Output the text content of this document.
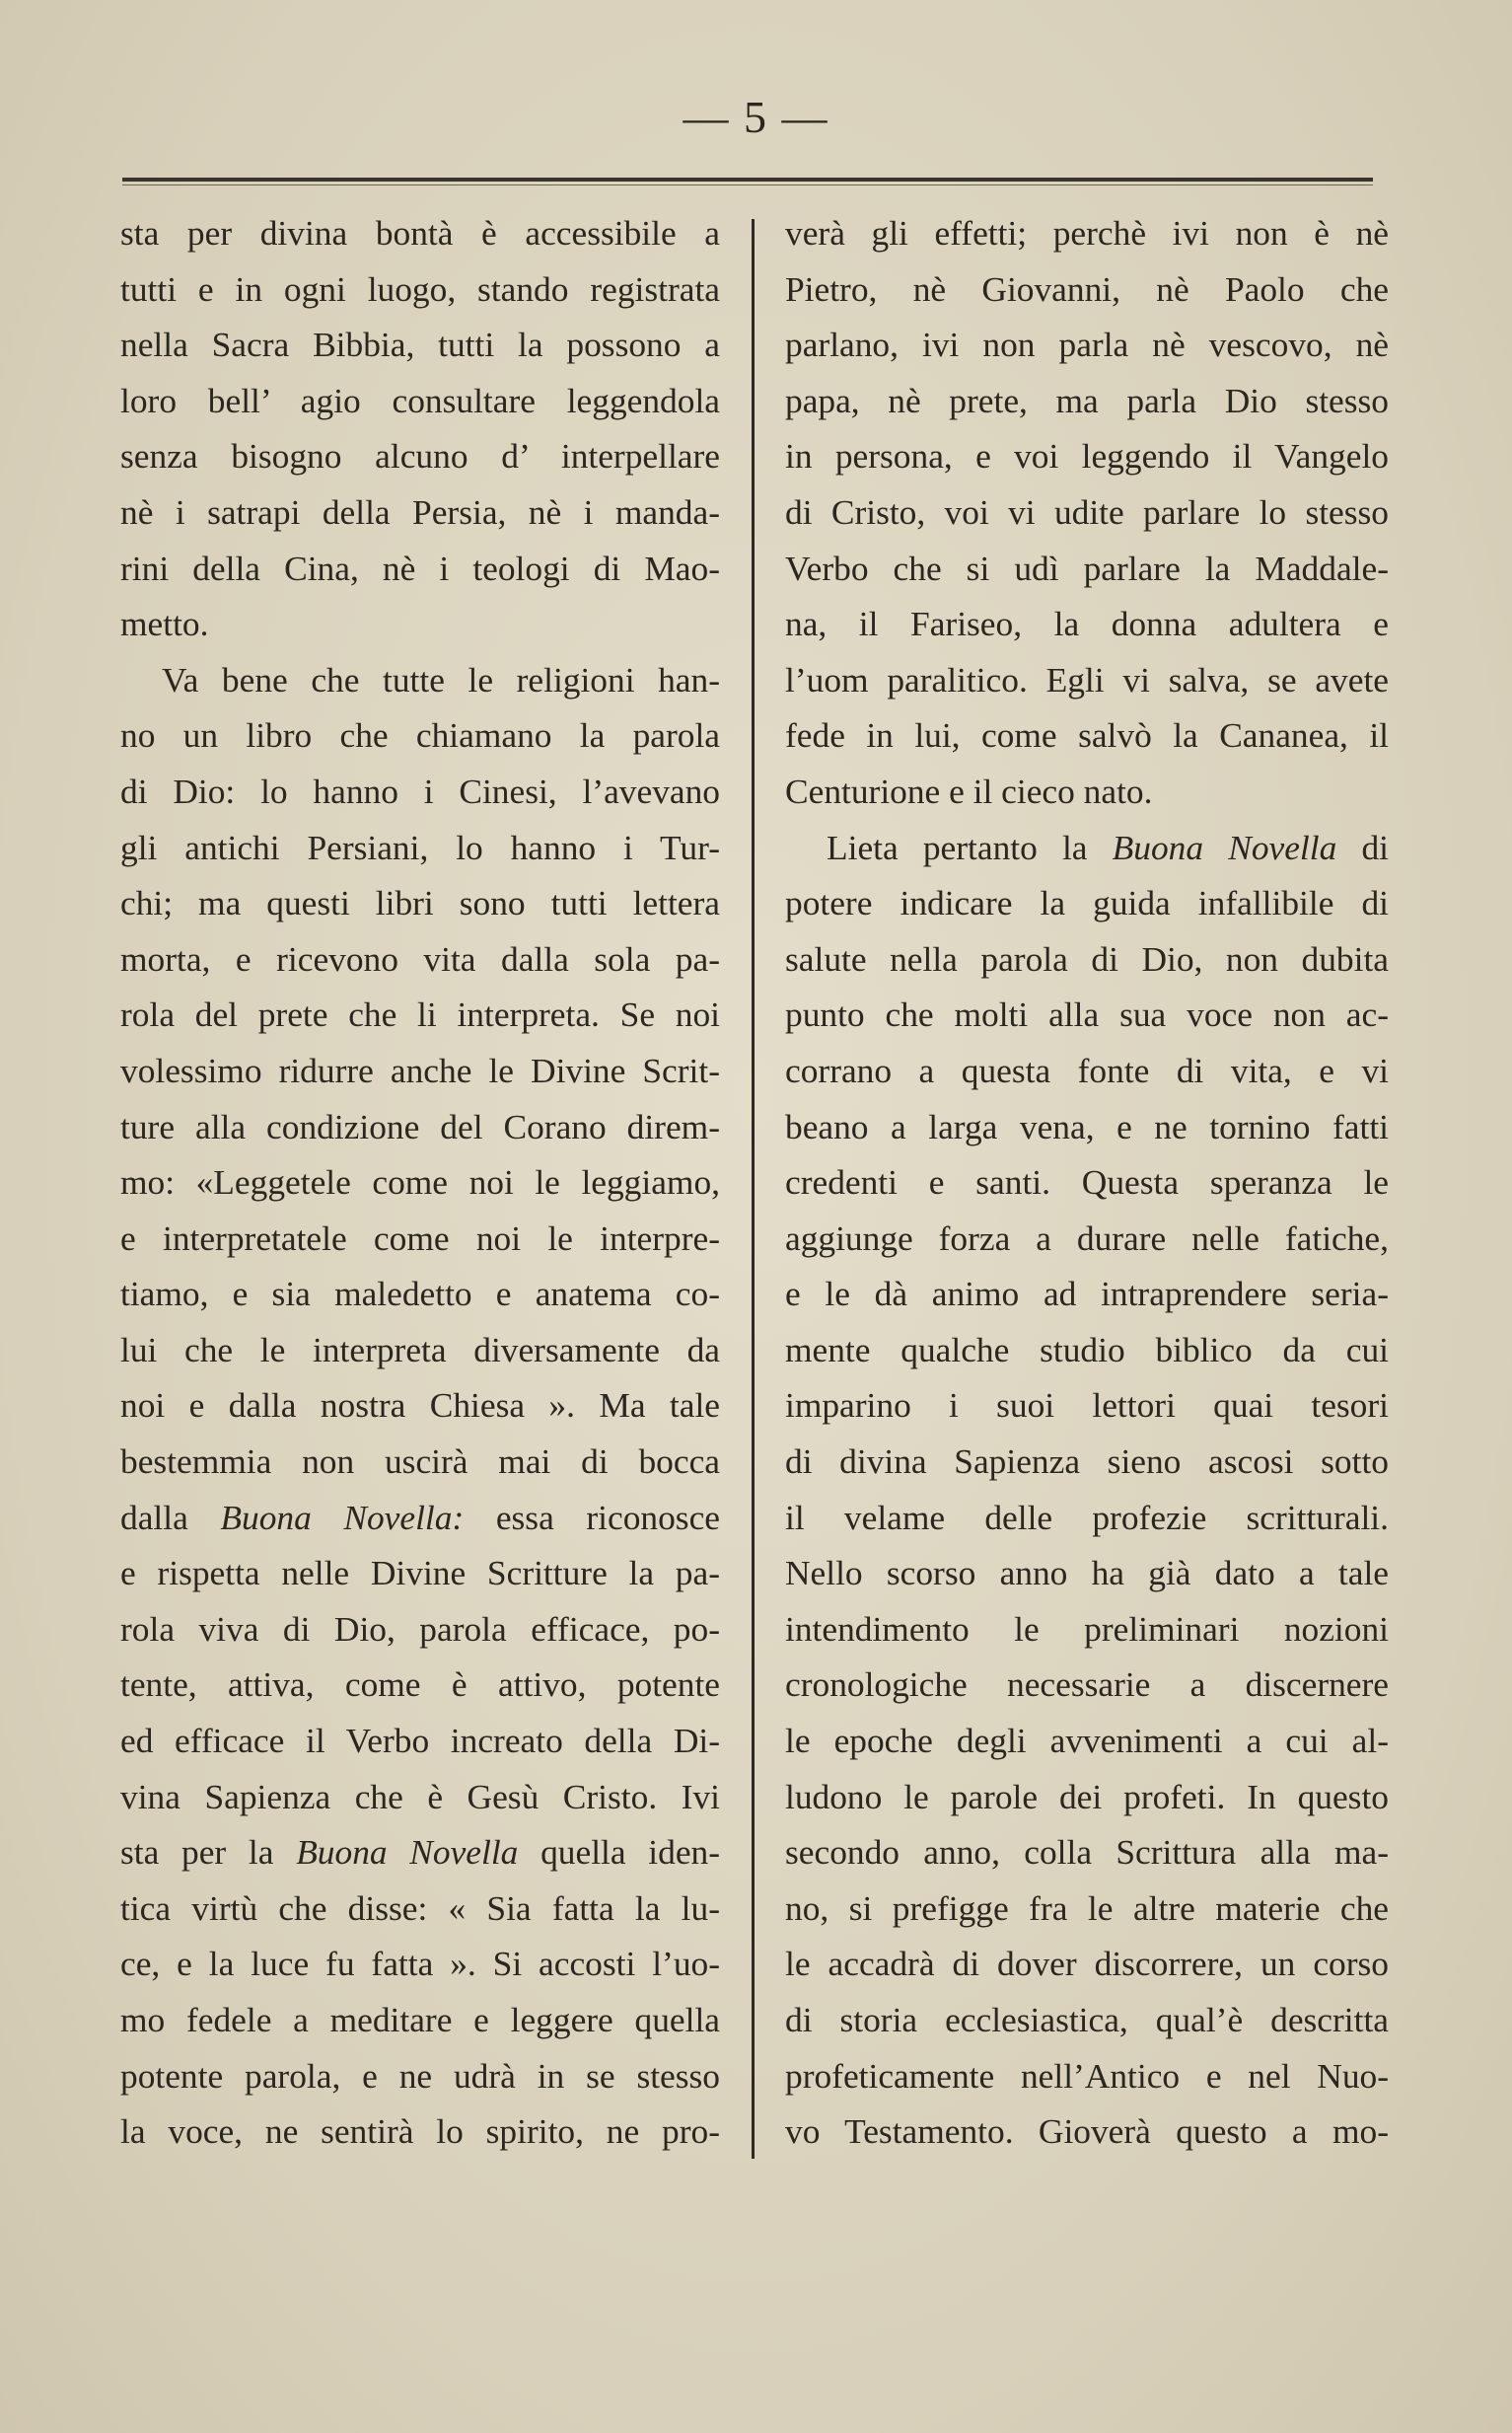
— 5 —
sta per divina bontà è accessibile a
tutti e in ogni luogo, stando registrata
nella Sacra Bibbia, tutti la possono a
loro bell’ agio consultare leggendola
senza bisogno alcuno d’ interpellare
nè i satrapi della Persia, nè i manda-
rini della Cina, nè i teologi di Mao-
metto.
Va bene che tutte le religioni han-
no un libro che chiamano la parola
di Dio: lo hanno i Cinesi, l’avevano
gli antichi Persiani, lo hanno i Tur-
chi; ma questi libri sono tutti lettera
morta, e ricevono vita dalla sola pa-
rola del prete che li interpreta. Se noi
volessimo ridurre anche le Divine Scrit-
ture alla condizione del Corano direm-
mo: «Leggetele come noi le leggiamo,
e interpretatele come noi le interpre-
tiamo, e sia maledetto e anatema co-
lui che le interpreta diversamente da
noi e dalla nostra Chiesa ». Ma tale
bestemmia non uscirà mai di bocca
dalla Buona Novella: essa riconosce
e rispetta nelle Divine Scritture la pa-
rola viva di Dio, parola efficace, po-
tente, attiva, come è attivo, potente
ed efficace il Verbo increato della Di-
vina Sapienza che è Gesù Cristo. Ivi
sta per la Buona Novella quella iden-
tica virtù che disse: « Sia fatta la lu-
ce, e la luce fu fatta ». Si accosti l’uo-
mo fedele a meditare e leggere quella
potente parola, e ne udrà in se stesso
la voce, ne sentirà lo spirito, ne pro-
verà gli effetti; perchè ivi non è nè
Pietro, nè Giovanni, nè Paolo che
parlano, ivi non parla nè vescovo, nè
papa, nè prete, ma parla Dio stesso
in persona, e voi leggendo il Vangelo
di Cristo, voi vi udite parlare lo stesso
Verbo che si udì parlare la Maddale-
na, il Fariseo, la donna adultera e
l’uom paralitico. Egli vi salva, se avete
fede in lui, come salvò la Cananea, il
Centurione e il cieco nato.
Lieta pertanto la Buona Novella di
potere indicare la guida infallibile di
salute nella parola di Dio, non dubita
punto che molti alla sua voce non ac-
corrano a questa fonte di vita, e vi
beano a larga vena, e ne tornino fatti
credenti e santi. Questa speranza le
aggiunge forza a durare nelle fatiche,
e le dà animo ad intraprendere seria-
mente qualche studio biblico da cui
imparino i suoi lettori quai tesori
di divina Sapienza sieno ascosi sotto
il velame delle profezie scritturali.
Nello scorso anno ha già dato a tale
intendimento le preliminari nozioni
cronologiche necessarie a discernere
le epoche degli avvenimenti a cui al-
ludono le parole dei profeti. In questo
secondo anno, colla Scrittura alla ma-
no, si prefigge fra le altre materie che
le accadrà di dover discorrere, un corso
di storia ecclesiastica, qual’è descritta
profeticamente nell’Antico e nel Nuo-
vo Testamento. Gioverà questo a mo-
